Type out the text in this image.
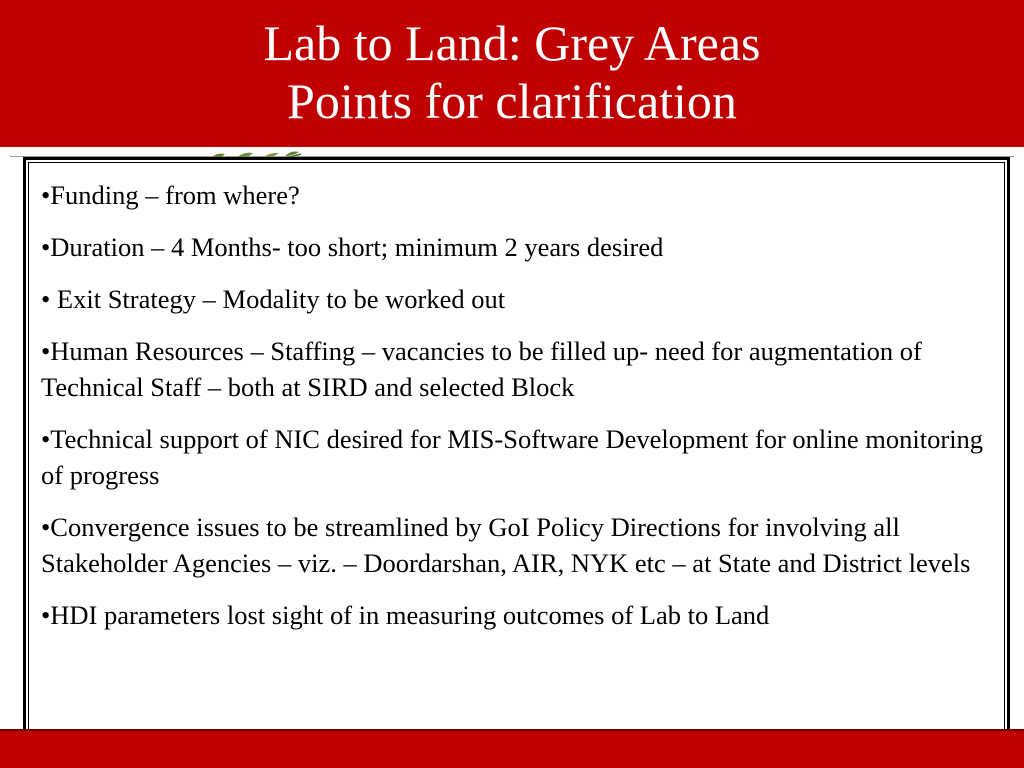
Lab to Land: Grey Areas
Points for clarification
•Funding – from where?
•Duration – 4 Months- too short; minimum 2 years desired
• Exit Strategy – Modality to be worked out
•Human Resources – Staffing – vacancies to be filled up- need for augmentation of Technical Staff – both at SIRD and selected Block
•Technical support of NIC desired for MIS-Software Development for online monitoring of progress
•Convergence issues to be streamlined by GoI Policy Directions for involving all Stakeholder Agencies – viz. – Doordarshan, AIR, NYK etc – at State and District levels
•HDI parameters lost sight of in measuring outcomes of Lab to Land
